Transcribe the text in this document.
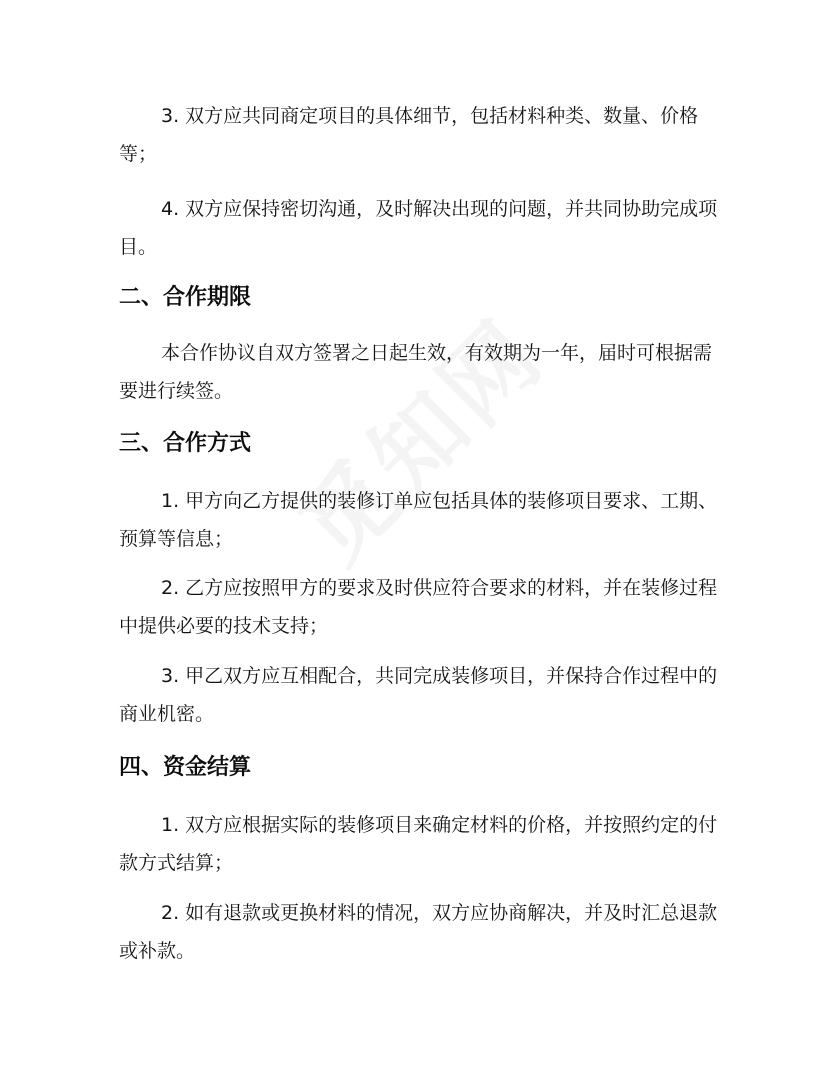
3. 双方应共同商定项目的具体细节，包括材料种类、数量、价格等；

4. 双方应保持密切沟通，及时解决出现的问题，并共同协助完成项目。

二、合作期限

本合作协议自双方签署之日起生效，有效期为一年，届时可根据需要进行续签。

三、合作方式

1. 甲方向乙方提供的装修订单应包括具体的装修项目要求、工期、预算等信息；

2. 乙方应按照甲方的要求及时供应符合要求的材料，并在装修过程中提供必要的技术支持；

3. 甲乙双方应互相配合，共同完成装修项目，并保持合作过程中的商业机密。

四、资金结算

1. 双方应根据实际的装修项目来确定材料的价格，并按照约定的付款方式结算；

2. 如有退款或更换材料的情况，双方应协商解决，并及时汇总退款或补款。
